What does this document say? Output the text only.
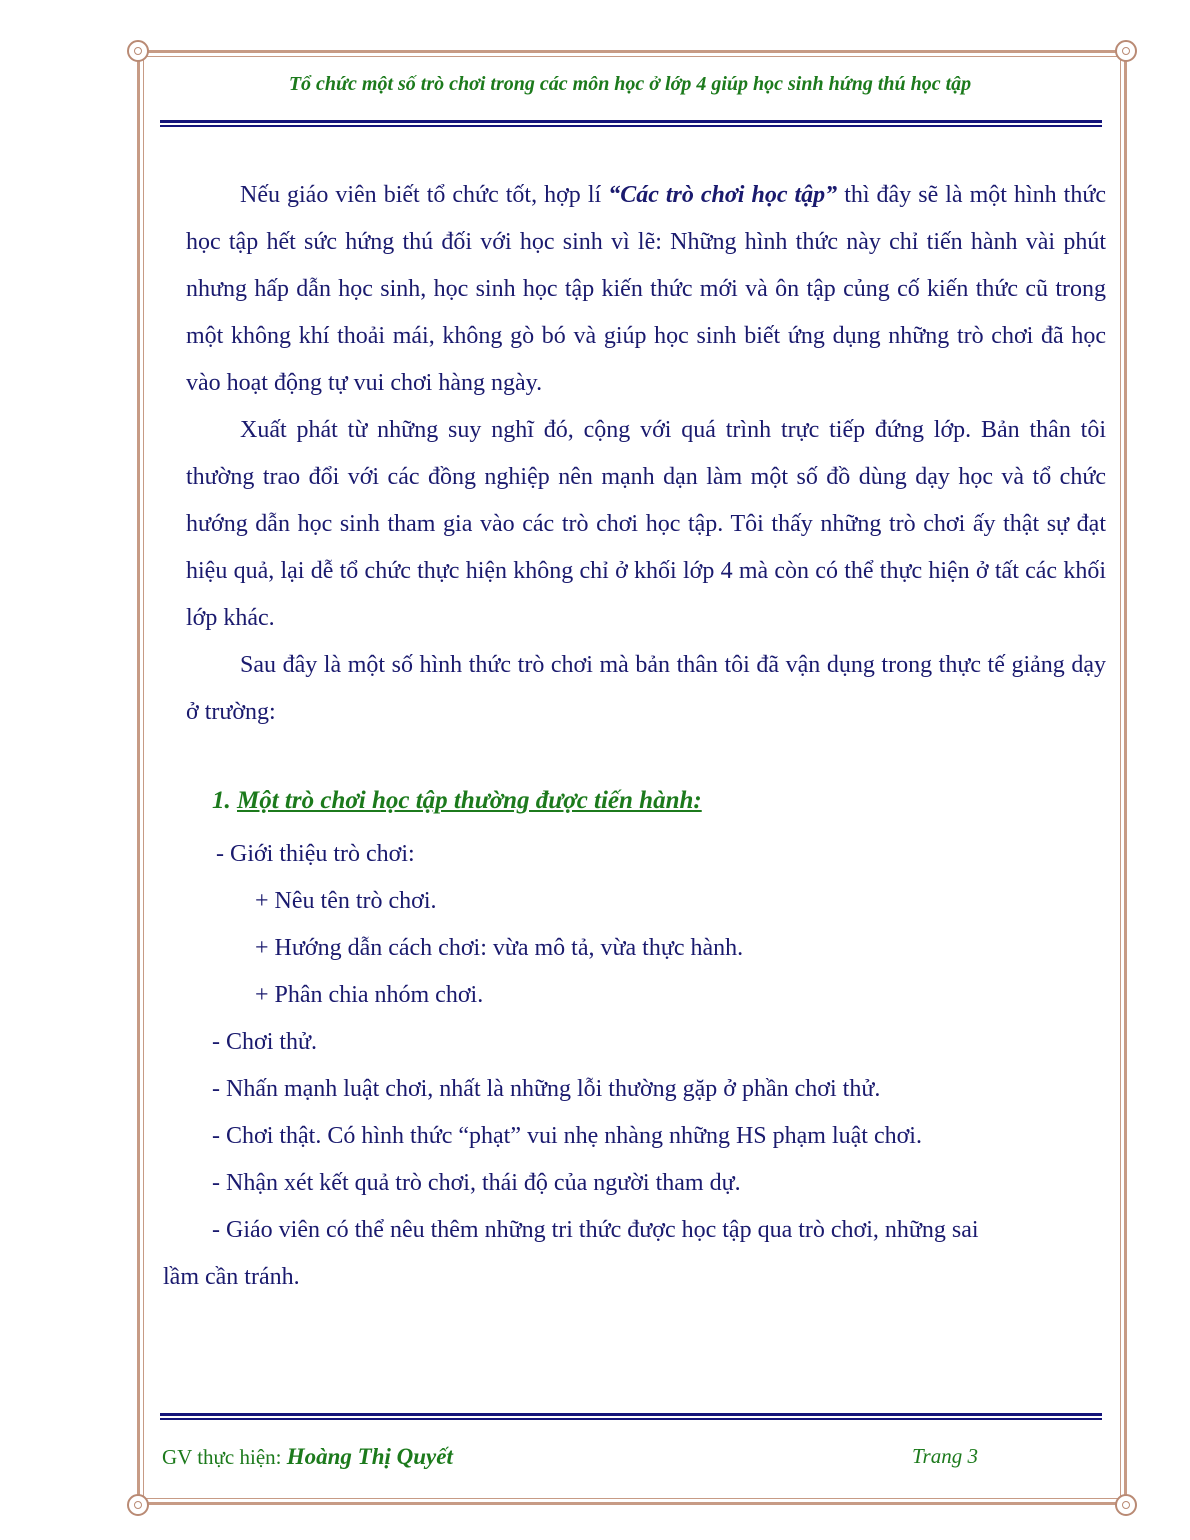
Tổ chức một số trò chơi trong các môn học ở lớp 4 giúp học sinh hứng thú học tập

Nếu giáo viên biết tổ chức tốt, hợp lí “Các trò chơi học tập” thì đây sẽ là một hình thức học tập hết sức hứng thú đối với học sinh vì lẽ: Những hình thức này chỉ tiến hành vài phút nhưng hấp dẫn học sinh, học sinh học tập kiến thức mới và ôn tập củng cố kiến thức cũ trong một không khí thoải mái, không gò bó và giúp học sinh biết ứng dụng những trò chơi đã học vào hoạt động tự vui chơi hàng ngày.

Xuất phát từ những suy nghĩ đó, cộng với quá trình trực tiếp đứng lớp. Bản thân tôi thường trao đổi với các đồng nghiệp nên mạnh dạn làm một số đồ dùng dạy học và tổ chức hướng dẫn học sinh tham gia vào các trò chơi học tập. Tôi thấy những trò chơi ấy thật sự đạt hiệu quả, lại dễ tổ chức thực hiện không chỉ ở khối lớp 4 mà còn có thể thực hiện ở tất các khối lớp khác.

Sau đây là một số hình thức trò chơi mà bản thân tôi đã vận dụng trong thực tế giảng dạy ở trường:

1. Một trò chơi học tập thường được tiến hành:
- Giới thiệu trò chơi:
+ Nêu tên trò chơi.
+ Hướng dẫn cách chơi: vừa mô tả, vừa thực hành.
+ Phân chia nhóm chơi.
- Chơi thử.
- Nhấn mạnh luật chơi, nhất là những lỗi thường gặp ở phần chơi thử.
- Chơi thật. Có hình thức “phạt” vui nhẹ nhàng những HS phạm luật chơi.
- Nhận xét kết quả trò chơi, thái độ của người tham dự.
- Giáo viên có thể nêu thêm những tri thức được học tập qua trò chơi, những sai
lầm cần tránh.
GV thực hiện: Hoàng Thị Quyết	Trang 3
